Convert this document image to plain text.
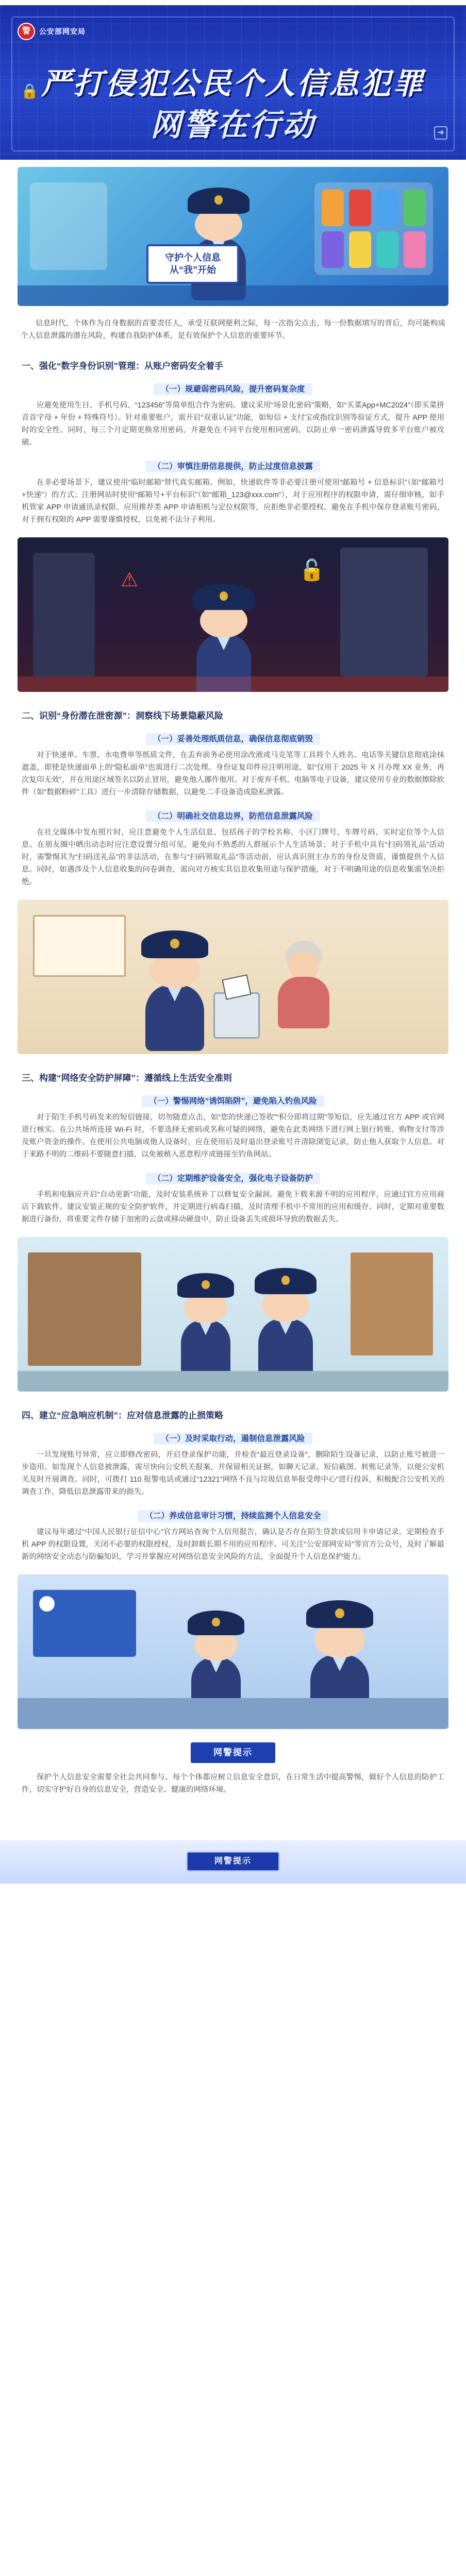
警	公安部网安局
🔒 严打侵犯公民个人信息犯罪
网警在行动	➜
守护个人信息
从“我”开始

信息时代，个体作为自身数据的首要责任人，承受互联网便利之际，每一次指尖点击、每一份数据填写的背后，均可能构成个人信息泄露的潜在风险，构建自我防护体系，是有效保护个人信息的重要环节。

一、强化“数字身份识别”管理：从账户密码安全着手
（一）规避弱密码风险，提升密码复杂度

应避免使用生日、手机号码、“123456”等简单组合作为密码。建议采用“场景化密码”策略，如“买菜App+MC2024”（即买菜拼音首字母 + 年份 + 特殊符号）。针对重要账户，需开启“双重认证”功能，如短信 + 支付宝或指纹识别等验证方式，提升 APP 使用时的安全性。同时，每三个月定期更换常用密码，并避免在不同平台使用相同密码，以防止单一密码泄露导致多平台账户被攻破。

（二）审慎注册信息提供，防止过度信息披露

在非必要场景下，建议使用“临时邮箱”替代真实邮箱。例如，快递软件等非必要注册可使用“邮箱号 + 信息标识”（如“邮箱号+快递”）的方式；注册网站时使用“邮箱号+平台标识”（如“邮箱_123@xxx.com”），对于应用程序的权限申请，需仔细审核，如手机管家 APP 申请通讯录权限、应用推荐类 APP 申请相机与定位权限等，应拒绝非必要授权。避免在手机中保存登录账号密码，对于拥有权限的 APP 需要谨慎授权，以免被不法分子利用。

⚠	🔓
二、识别“身份潜在泄密源”：洞察线下场景隐蔽风险
（一）妥善处理纸质信息，确保信息彻底销毁

对于快递单、车票、水电费单等纸质文件，在丢弃前务必使用涂改液或马克笔等工具将个人姓名、电话等关键信息彻底涂抹遮盖，即使是快递面单上的“隐私面单”也需进行二次处理。身份证复印件应注明用途，如“仅用于 2025 年 X 月办理 XX 业务，再次复印无效”，并在用途区域签名以防止冒用，避免他人挪作他用。对于废弃手机、电脑等电子设备，建议使用专业的数据擦除软件（如“数据粉碎”工具）进行一步清除存储数据，以避免二手设备造成隐私泄露。

（二）明确社交信息边界，防范信息泄露风险

在社交媒体中发布照片时，应注意避免个人生活信息，包括孩子的学校名称、小区门牌号、车牌号码、实时定位等个人信息。在朋友圈中晒出动态时应注意设置分组可见，避免向不熟悉的人群展示个人生活场景；对于手机中具有“扫码领礼品”活动时，需警惕其为“扫码送礼品”的非法活动，在参与“扫码领取礼品”等活动前，应认真识别主办方的身份及资质，谨慎提供个人信息。同时，如遇涉及个人信息收集的问卷调查，需向对方核实其信息收集用途与保护措施，对于不明确用途的信息收集需坚决拒绝。

三、构建“网络安全防护屏障”：遵循线上生活安全准则
（一）警惕网络“诱饵陷阱”，避免陷入钓鱼风险

对于陌生手机号码发来的短信链接，切勿随意点击，如“您的快递已签收”“积分即将过期”等短信，应先通过官方 APP 或官网进行核实。在公共场所连接 Wi-Fi 时，不要选择无密码或名称可疑的网络，避免在此类网络下进行网上银行转账、购物支付等涉及账户资金的操作。在使用公共电脑或他人设备时，应在使用后及时退出登录账号并清除浏览记录，防止他人获取个人信息。对于来路不明的二维码不要随意扫描，以免被植入恶意程序或链接至钓鱼网站。

（二）定期维护设备安全，强化电子设备防护

手机和电脑应开启“自动更新”功能，及时安装系统补丁以修复安全漏洞。避免下载来源不明的应用程序，应通过官方应用商店下载软件。建议安装正规的安全防护软件，并定期进行病毒扫描，及时清理手机中不常用的应用和缓存。同时，定期对重要数据进行备份，将重要文件存储于加密的云盘或移动硬盘中，防止设备丢失或损坏导致的数据丢失。

四、建立“应急响应机制”：应对信息泄露的止损策略
（一）及时采取行动，遏制信息泄露风险

一旦发现账号异常，应立即修改密码，开启登录保护功能，并检查“最近登录设备”，删除陌生设备记录，以防止账号被进一步盗用。如发现个人信息被泄露，需尽快向公安机关报案，并保留相关证据，如聊天记录、短信截图、转账记录等，以便公安机关及时开展调查。同时，可拨打 110 报警电话或通过“12321”网络不良与垃圾信息举报受理中心”进行投诉，积极配合公安机关的调查工作，降低信息泄露带来的损失。

（二）养成信息审计习惯，持续监测个人信息安全

建议每年通过“中国人民银行征信中心”官方网站查询个人信用报告，确认是否存在陌生贷款或信用卡申请记录。定期检查手机 APP 的权限设置，关闭不必要的权限授权，及时卸载长期不用的应用程序。可关注“公安部网安局”等官方公众号，及时了解最新的网络安全动态与防骗知识，学习并掌握应对网络信息安全风险的方法，全面提升个人信息保护能力。

网警提示

保护个人信息安全需要全社会共同参与。每个个体都应树立信息安全意识，在日常生活中提高警惕，做好个人信息的防护工作，切实守护好自身的信息安全，营造安全、健康的网络环境。

网警提示
